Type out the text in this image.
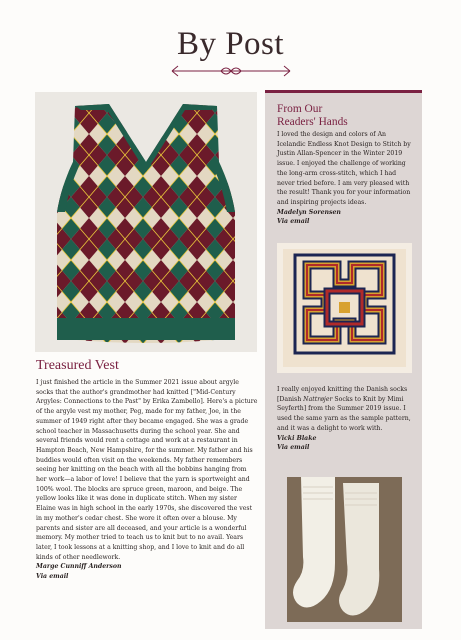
By Post
Treasured Vest
I just finished the article in the Summer 2021 issue about argyle socks that the author's grandmother had knitted ["Mid-Century Argyles: Connections to the Past" by Erika Zambello]. Here's a picture of the argyle vest my mother, Peg, made for my father, Joe, in the summer of 1949 right after they became engaged. She was a grade school teacher in Massachusetts during the school year. She and several friends would rent a cottage and work at a restaurant in Hampton Beach, New Hampshire, for the summer. My father and his buddies would often visit on the weekends. My father remembers seeing her knitting on the beach with all the bobbins hanging from her work—a labor of love! I believe that the yarn is sportweight and 100% wool. The blocks are spruce green, maroon, and beige. The yellow looks like it was done in duplicate stitch. When my sister Elaine was in high school in the early 1970s, she discovered the vest in my mother's cedar chest. She wore it often over a blouse. My parents and sister are all deceased, and your article is a wonderful memory. My mother tried to teach us to knit but to no avail. Years later, I took lessons at a knitting shop, and I love to knit and do all kinds of other needlework.
Marge Cunniff Anderson
Via email
From Our
Readers' Hands
I loved the design and colors of An Icelandic Endless Knot Design to Stitch by Justin Allan-Spencer in the Winter 2019 issue. I enjoyed the challenge of working the long-arm cross-stitch, which I had never tried before. I am very pleased with the result! Thank you for your information and inspiring projects ideas.
Madelyn Sorensen
Via email
I really enjoyed knitting the Danish socks [Danish Nattrøjer Socks to Knit by Mimi Seyferth] from the Summer 2019 issue. I used the same yarn as the sample pattern, and it was a delight to work with.
Vicki Blake
Via email
